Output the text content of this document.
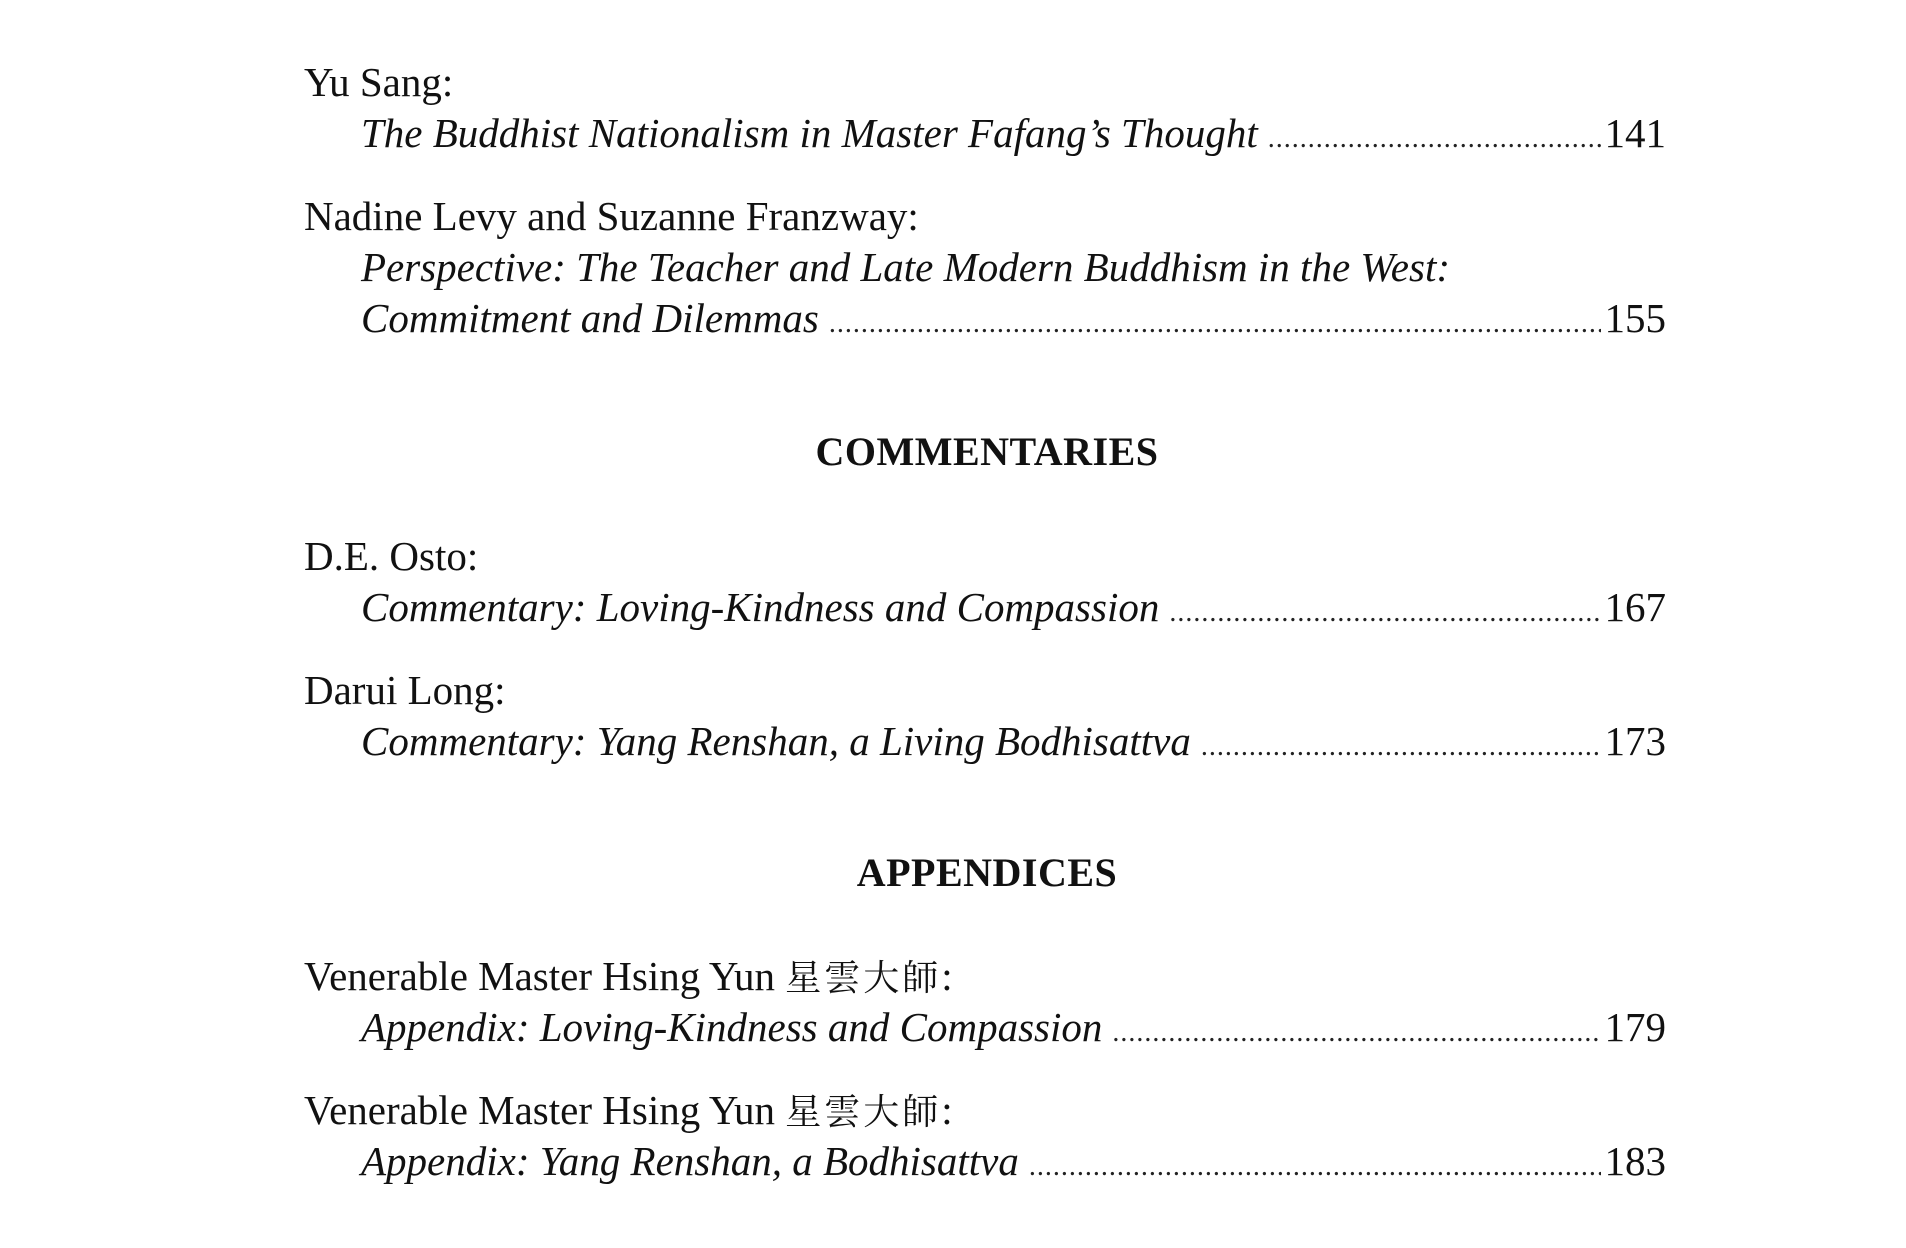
Yu Sang:
The Buddhist Nationalism in Master Fafang’s Thought . . .	141
Nadine Levy and Suzanne Franzway:
Perspective: The Teacher and Late Modern Buddhism in the West:
Commitment and Dilemmas . . .	155
COMMENTARIES
D.E. Osto:
Commentary: Loving-Kindness and Compassion . . .	167
Darui Long:
Commentary: Yang Renshan, a Living Bodhisattva . . .	173
APPENDICES
Venerable Master Hsing Yun 星雲大師:
Appendix: Loving-Kindness and Compassion . . .	179
Venerable Master Hsing Yun 星雲大師:
Appendix: Yang Renshan, a Bodhisattva . . .	183
